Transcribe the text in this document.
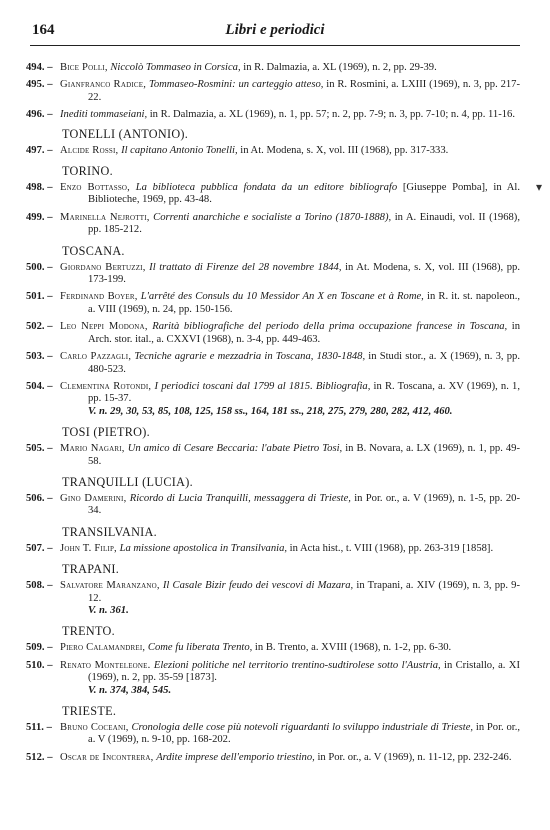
164	Libri e periodici
▾
494. – Bice Polli, Niccolò Tommaseo in Corsica, in R. Dalmazia, a. XL (1969), n. 2, pp. 29-39.
495. – Gianfranco Radice, Tommaseo-Rosmini: un carteggio atteso, in R. Rosmini, a. LXIII (1969), n. 3, pp. 217-22.
496. – Inediti tommaseiani, in R. Dalmazia, a. XL (1969), n. 1, pp. 57; n. 2, pp. 7-9; n. 3, pp. 7-10; n. 4, pp. 11-16.
TONELLI (ANTONIO).
497. – Alcide Rossi, Il capitano Antonio Tonelli, in At. Modena, s. X, vol. III (1968), pp. 317-333.
TORINO.
498. – Enzo Bottasso, La biblioteca pubblica fondata da un editore bibliografo [Giuseppe Pomba], in Al. Biblioteche, 1969, pp. 43-48.
499. – Marinella Nejrotti, Correnti anarchiche e socialiste a Torino (1870-1888), in A. Einaudi, vol. II (1968), pp. 185-212.
TOSCANA.
500. – Giordano Bertuzzi, Il trattato di Firenze del 28 novembre 1844, in At. Modena, s. X, vol. III (1968), pp. 173-199.
501. – Ferdinand Boyer, L'arrêté des Consuls du 10 Messidor An X en Toscane et à Rome, in R. it. st. napoleon., a. VIII (1969), n. 24, pp. 150-156.
502. – Leo Neppi Modona, Rarità bibliografiche del periodo della prima occupazione francese in Toscana, in Arch. stor. ital., a. CXXVI (1968), n. 3-4, pp. 449-463.
503. – Carlo Pazzagli, Tecniche agrarie e mezzadria in Toscana, 1830-1848, in Studi stor., a. X (1969), n. 3, pp. 480-523.
504. – Clementina Rotondi, I periodici toscani dal 1799 al 1815. Bibliografia, in R. Toscana, a. XV (1969), n. 1, pp. 15-37.
V. n. 29, 30, 53, 85, 108, 125, 158 ss., 164, 181 ss., 218, 275, 279, 280, 282, 412, 460.
TOSI (PIETRO).
505. – Mario Nagari, Un amico di Cesare Beccaria: l'abate Pietro Tosi, in B. Novara, a. LX (1969), n. 1, pp. 49-58.
TRANQUILLI (LUCIA).
506. – Gino Damerini, Ricordo di Lucia Tranquilli, messaggera di Trieste, in Por. or., a. V (1969), n. 1-5, pp. 20-34.
TRANSILVANIA.
507. – John T. Filip, La missione apostolica in Transilvania, in Acta hist., t. VIII (1968), pp. 263-319 [1858].
TRAPANI.
508. – Salvatore Maranzano, Il Casale Bizir feudo dei vescovi di Mazara, in Trapani, a. XIV (1969), n. 3, pp. 9-12.
V. n. 361.
TRENTO.
509. – Piero Calamandrei, Come fu liberata Trento, in B. Trento, a. XVIII (1968), n. 1-2, pp. 6-30.
510. – Renato Monteleone. Elezioni politiche nel territorio trentino-sudtirolese sotto l'Austria, in Cristallo, a. XI (1969), n. 2, pp. 35-59 [1873].
V. n. 374, 384, 545.
TRIESTE.
511. – Bruno Coceani, Cronologia delle cose più notevoli riguardanti lo sviluppo industriale di Trieste, in Por. or., a. V (1969), n. 9-10, pp. 168-202.
512. – Oscar de Incontrera, Ardite imprese dell'emporio triestino, in Por. or., a. V (1969), n. 11-12, pp. 232-246.
